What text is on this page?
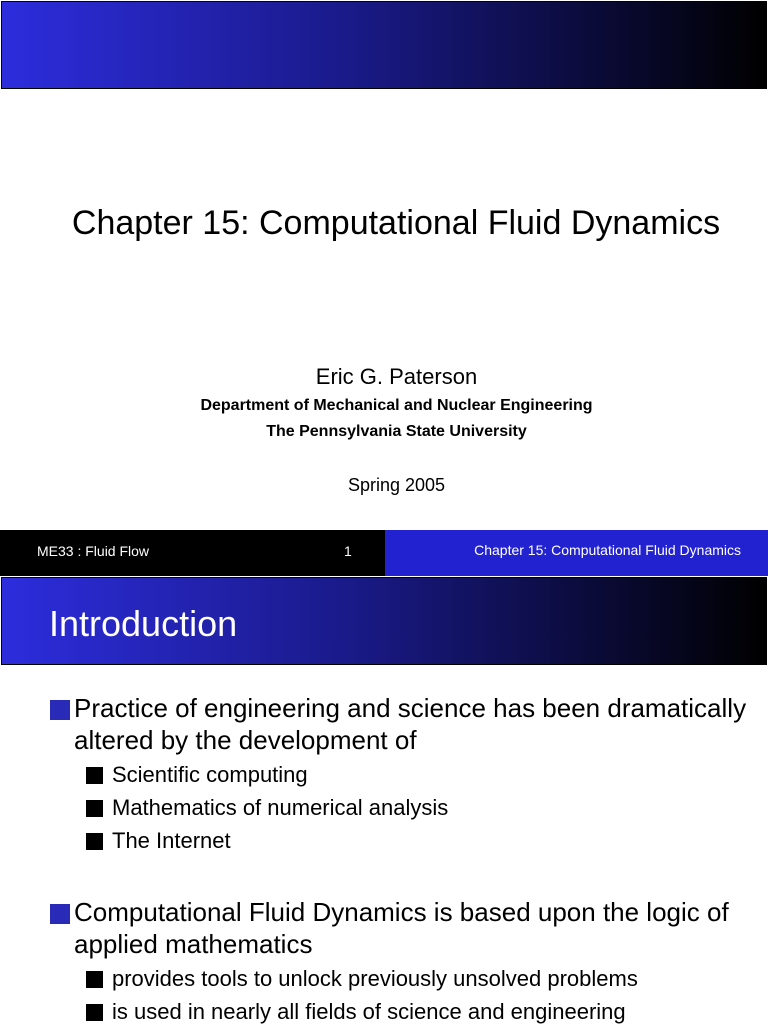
Chapter 15: Computational Fluid Dynamics
Eric G. Paterson
Department of Mechanical and Nuclear Engineering
The Pennsylvania State University
Spring 2005
ME33 : Fluid Flow	1	Chapter 15: Computational Fluid Dynamics
Introduction
Practice of engineering and science has been dramatically altered by the development of
Scientific computing
Mathematics of numerical analysis
The Internet
Computational Fluid Dynamics is based upon the logic of applied mathematics
provides tools to unlock previously unsolved problems
is used in nearly all fields of science and engineering
